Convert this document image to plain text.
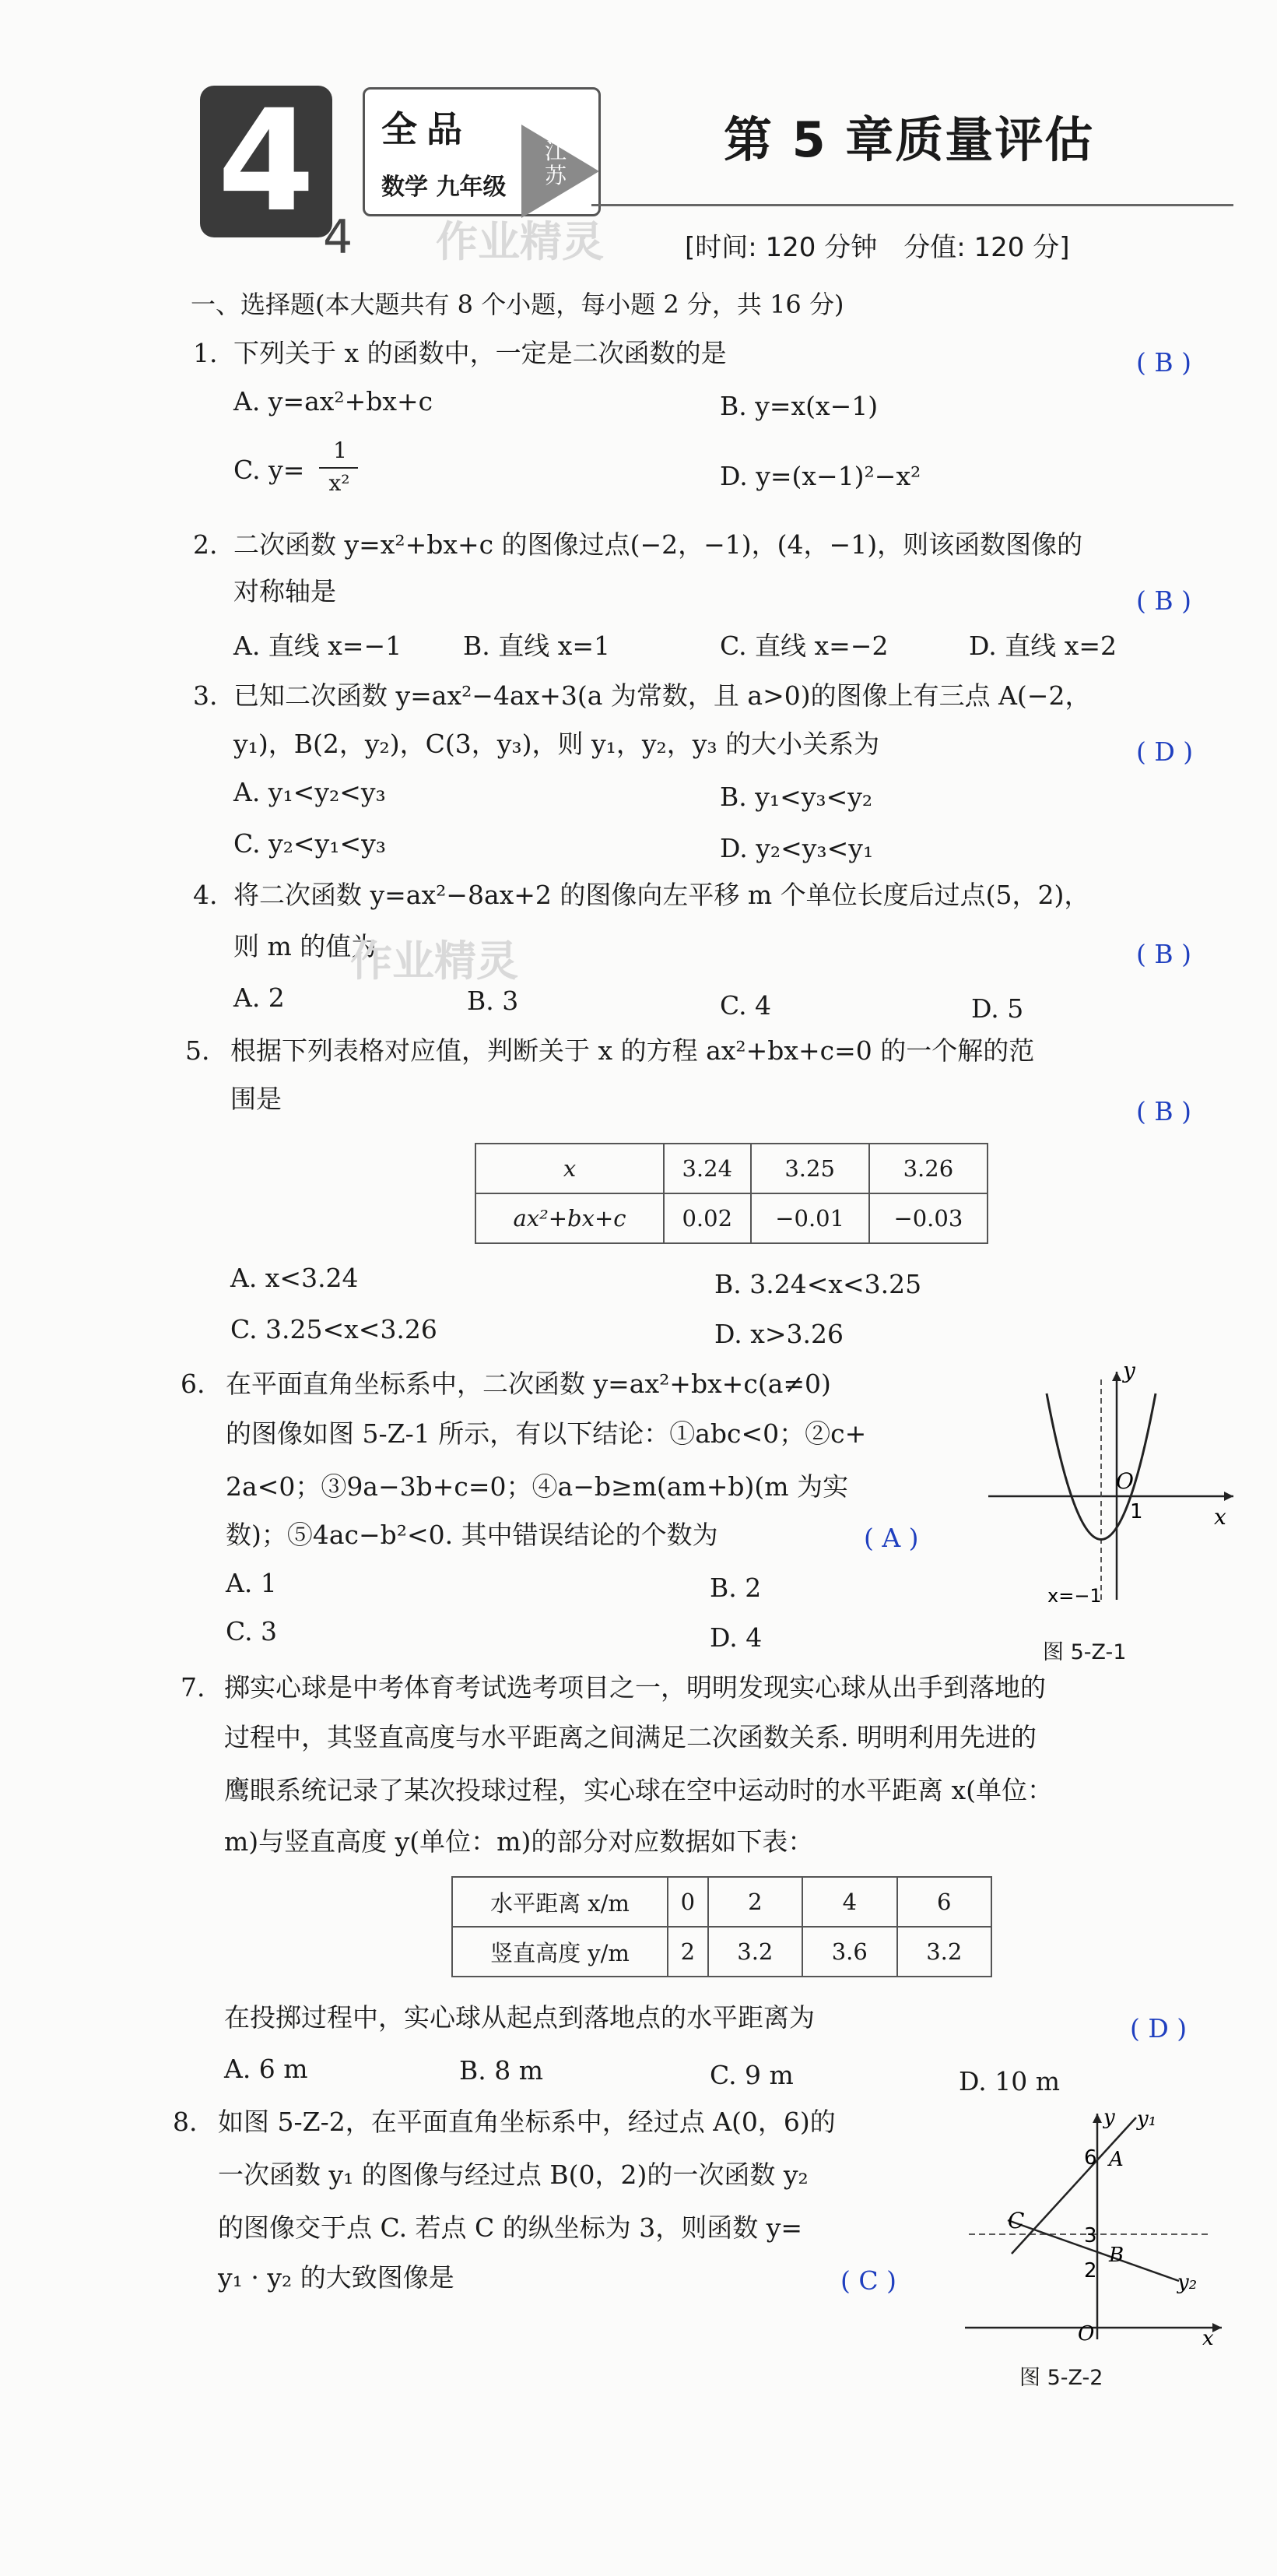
4 4
全品
数学 九年级
江苏
作业精灵
第 5 章质量评估
[时间: 120 分钟　分值: 120 分]
一、选择题(本大题共有 8 个小题，每小题 2 分，共 16 分)
1. 下列关于 x 的函数中，一定是二次函数的是	( B )
A. y=ax²+bx+c	B. y=x(x−1)
C. y=
1
x²	D. y=(x−1)²−x²
2. 二次函数 y=x²+bx+c 的图像过点(−2，−1)，(4，−1)，则该函数图像的
对称轴是	( B )
A. 直线 x=−1 B. 直线 x=1	C. 直线 x=−2	D. 直线 x=2
3. 已知二次函数 y=ax²−4ax+3(a 为常数，且 a>0)的图像上有三点 A(−2，
y₁)，B(2，y₂)，C(3，y₃)，则 y₁，y₂，y₃ 的大小关系为	( D )
A. y₁<y₂<y₃	B. y₁<y₃<y₂
C. y₂<y₁<y₃	D. y₂<y₃<y₁
4. 将二次函数 y=ax²−8ax+2 的图像向左平移 m 个单位长度后过点(5，2)，
则 m 的值为
作业精灵	( B )
A. 2	B. 3	C. 4	D. 5
5. 根据下列表格对应值，判断关于 x 的方程 ax²+bx+c=0 的一个解的范
围是	( B )
x	3.24	3.25	3.26
ax²+bx+c	0.02	−0.01	−0.03
A. x<3.24	B. 3.24<x<3.25
C. 3.25<x<3.26	D. x>3.26
6. 在平面直角坐标系中，二次函数 y=ax²+bx+c(a≠0)
的图像如图 5-Z-1 所示，有以下结论：①abc<0；②c+
2a<0；③9a−3b+c=0；④a−b≥m(am+b)(m 为实
数)；⑤4ac−b²<0. 其中错误结论的个数为	( A )
A. 1	B. 2
C. 3	D. 4
y
x
O
1
x=−1
图 5-Z-1
7. 掷实心球是中考体育考试选考项目之一，明明发现实心球从出手到落地的
过程中，其竖直高度与水平距离之间满足二次函数关系. 明明利用先进的
鹰眼系统记录了某次投球过程，实心球在空中运动时的水平距离 x(单位：
m)与竖直高度 y(单位：m)的部分对应数据如下表：
水平距离 x/m	0	2	4	6
竖直高度 y/m	2	3.2	3.6	3.2
在投掷过程中，实心球从起点到落地点的水平距离为	( D )
A. 6 m	B. 8 m	C. 9 m	D. 10 m
8. 如图 5-Z-2，在平面直角坐标系中，经过点 A(0，6)的
一次函数 y₁ 的图像与经过点 B(0，2)的一次函数 y₂
的图像交于点 C. 若点 C 的纵坐标为 3，则函数 y=
y₁ · y₂ 的大致图像是	( C )
y y₁
6 A
C
3
B
2	y₂
O	x
图 5-Z-2
